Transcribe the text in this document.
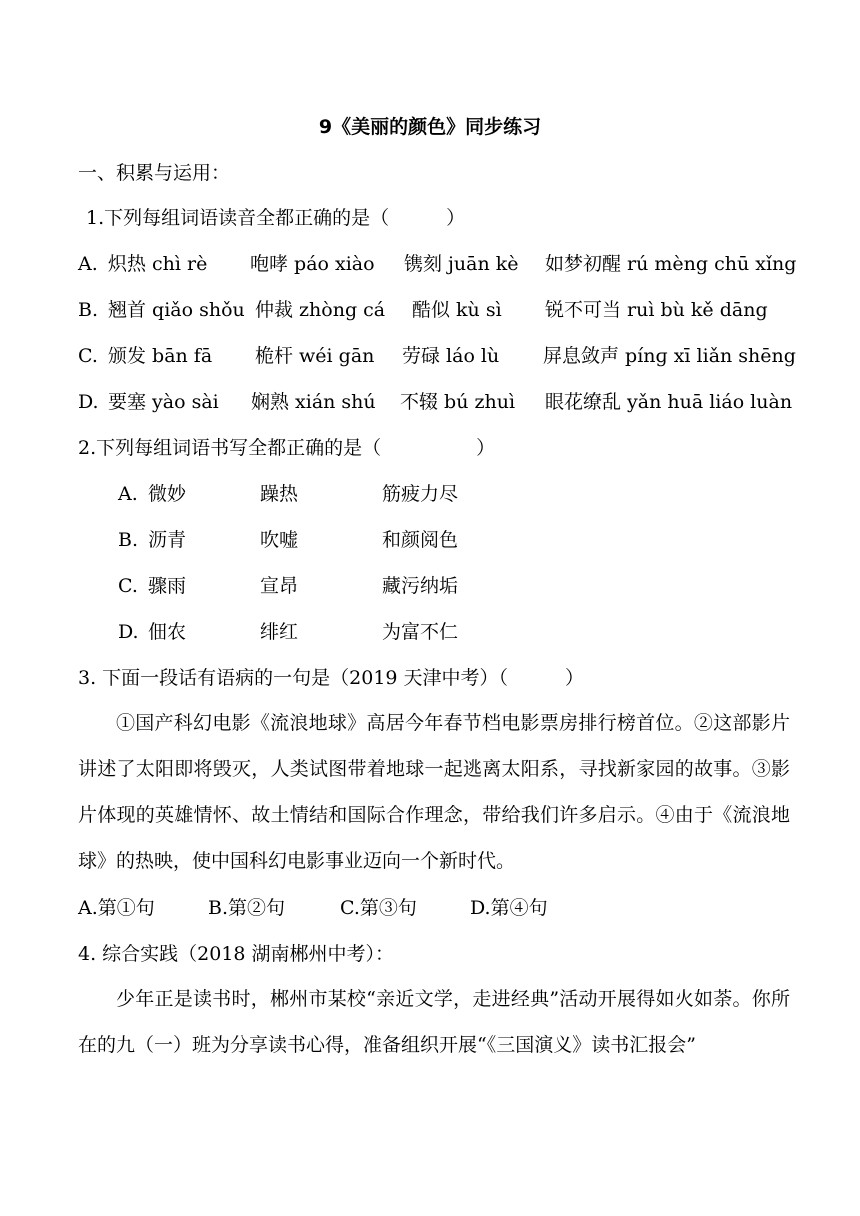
9《美丽的颜色》同步练习
一、积累与运用：
1.下列每组词语读音全都正确的是（　　　）
A. 炽热 chì rè 咆哮 páo xiào 镌刻 juān kè 如梦初醒 rú mèng chū xǐng
B. 翘首 qiǎo shǒu 仲裁 zhòng cá 酷似 kù sì 锐不可当 ruì bù kě dāng
C. 颁发 bān fā 桅杆 wéi gān 劳碌 láo lù 屏息敛声 pínɡ xī liǎn shēng
D. 要塞 yào sài 娴熟 xián shú 不辍 bú zhuì 眼花缭乱 yǎn huā liáo luàn
2.下列每组词语书写全都正确的是（　　　　　）
A. 微妙	躁热	筋疲力尽
B. 沥青	吹嘘	和颜阅色
C. 骤雨	宣昂	藏污纳垢
D. 佃农	绯红	为富不仁
3. 下面一段话有语病的一句是（2019 天津中考）（　　　）
①国产科幻电影《流浪地球》高居今年春节档电影票房排行榜首位。②这部影片讲述了太阳即将毁灭，人类试图带着地球一起逃离太阳系，寻找新家园的故事。③影片体现的英雄情怀、故土情结和国际合作理念，带给我们许多启示。④由于《流浪地球》的热映，使中国科幻电影事业迈向一个新时代。
A.第①句	B.第②句	C.第③句	D.第④句
4. 综合实践（2018 湖南郴州中考）：
少年正是读书时，郴州市某校“亲近文学，走进经典”活动开展得如火如荼。你所在的九（一）班为分享读书心得，准备组织开展“《三国演义》读书汇报会”
